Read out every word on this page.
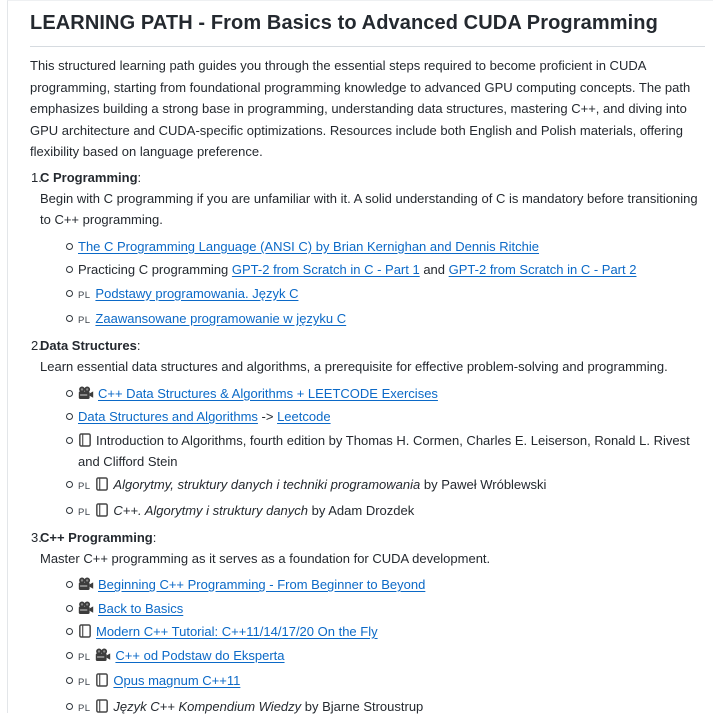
LEARNING PATH - From Basics to Advanced CUDA Programming

This structured learning path guides you through the essential steps required to become proficient in CUDA programming, starting from foundational programming knowledge to advanced GPU computing concepts. The path emphasizes building a strong base in programming, understanding data structures, mastering C++, and diving into GPU architecture and CUDA-specific optimizations. Resources include both English and Polish materials, offering flexibility based on language preference.

1.
C Programming:
Begin with C programming if you are unfamiliar with it. A solid understanding of C is mandatory before transitioning to C++ programming.
The C Programming Language (ANSI C) by Brian Kernighan and Dennis Ritchie
Practicing C programming GPT-2 from Scratch in C - Part 1 and GPT-2 from Scratch in C - Part 2
PL Podstawy programowania. Język C
PL Zaawansowane programowanie w języku C
2.
Data Structures:
Learn essential data structures and algorithms, a prerequisite for effective problem-solving and programming.
C++ Data Structures & Algorithms + LEETCODE Exercises
Data Structures and Algorithms -> Leetcode
Introduction to Algorithms, fourth edition by Thomas H. Cormen, Charles E. Leiserson, Ronald L. Rivest and Clifford Stein
PL Algorytmy, struktury danych i techniki programowania by Paweł Wróblewski
PL C++. Algorytmy i struktury danych by Adam Drozdek
3.
C++ Programming:
Master C++ programming as it serves as a foundation for CUDA development.
Beginning C++ Programming - From Beginner to Beyond
Back to Basics
Modern C++ Tutorial: C++11/14/17/20 On the Fly
PL C++ od Podstaw do Eksperta
PL Opus magnum C++11
PL Język C++ Kompendium Wiedzy by Bjarne Stroustrup
